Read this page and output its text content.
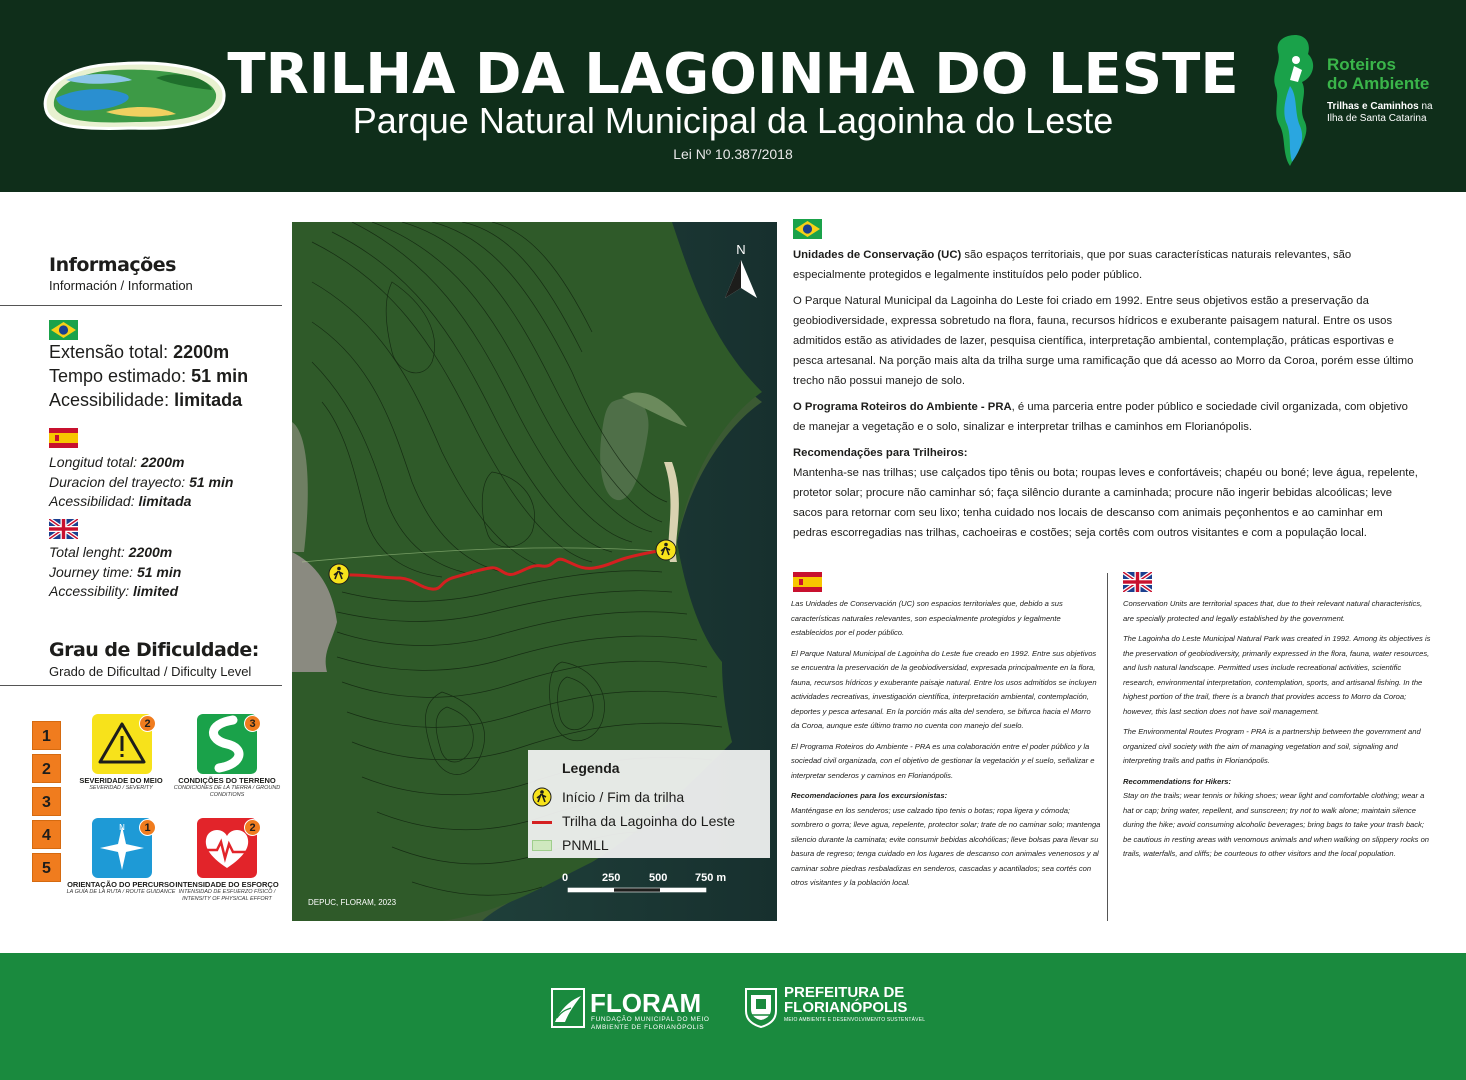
TRILHA DA LAGOINHA DO LESTE
Parque Natural Municipal da Lagoinha do Leste
Lei Nº 10.387/2018
Roteiros
do Ambiente
Trilhas e Caminhos na
Ilha de Santa Catarina
Informações
Información / Information
Extensão total: 2200m
Tempo estimado: 51 min
Acessibilidade: limitada
Longitud total: 2200m
Duracion del trayecto: 51 min
Acessibilidad: limitada
Total lenght: 2200m
Journey time: 51 min
Accessibility: limited
Grau de Dificuldade:
Grado de Dificultad / Dificulty Level
1
2
3
4
5
2
SEVERIDADE DO MEIO
SEVERIDAD / SEVERITY
3
CONDIÇÕES DO TERRENO
CONDICIONES DE LA TIERRA / GROUND CONDITIONS
N	1
ORIENTAÇÃO DO PERCURSO
LA GUÍA DE LA RUTA / ROUTE GUIDANCE
2
INTENSIDADE DO ESFORÇO
INTENSIDAD DE ESFUERZO FÍSICO / INTENSITY OF PHYSICAL EFFORT
N
0	250	500	750 m
Legenda
Início / Fim da trilha
Trilha da Lagoinha do Leste
PNMLL
DEPUC, FLORAM, 2023

Unidades de Conservação (UC) são espaços territoriais, que por suas características naturais relevantes, são especialmente protegidos e legalmente instituídos pelo poder público.

O Parque Natural Municipal da Lagoinha do Leste foi criado em 1992. Entre seus objetivos estão a preservação da geobiodiversidade, expressa sobretudo na flora, fauna, recursos hídricos e exuberante paisagem natural. Entre os usos admitidos estão as atividades de lazer, pesquisa científica, interpretação ambiental, contemplação, práticas esportivas e pesca artesanal. Na porção mais alta da trilha surge uma ramificação que dá acesso ao Morro da Coroa, porém esse último trecho não possui manejo de solo.

O Programa Roteiros do Ambiente - PRA, é uma parceria entre poder público e sociedade civil organizada, com objetivo de manejar a vegetação e o solo, sinalizar e interpretar trilhas e caminhos em Florianópolis.

Recomendações para Trilheiros:

Mantenha-se nas trilhas; use calçados tipo tênis ou bota; roupas leves e confortáveis; chapéu ou boné; leve água, repelente, protetor solar; procure não caminhar só; faça silêncio durante a caminhada; procure não ingerir bebidas alcoólicas; leve sacos para retornar com seu lixo; tenha cuidado nos locais de descanso com animais peçonhentos e ao caminhar em pedras escorregadias nas trilhas, cachoeiras e costões; seja cortês com outros visitantes e com a população local.

Las Unidades de Conservación (UC) son espacios territoriales que, debido a sus características naturales relevantes, son especialmente protegidos y legalmente establecidos por el poder público.

El Parque Natural Municipal de Lagoinha do Leste fue creado en 1992. Entre sus objetivos se encuentra la preservación de la geobiodiversidad, expresada principalmente en la flora, fauna, recursos hídricos y exuberante paisaje natural. Entre los usos admitidos se incluyen actividades recreativas, investigación científica, interpretación ambiental, contemplación, deportes y pesca artesanal. En la porción más alta del sendero, se bifurca hacia el Morro da Coroa, aunque este último tramo no cuenta con manejo del suelo.

El Programa Roteiros do Ambiente - PRA es una colaboración entre el poder público y la sociedad civil organizada, con el objetivo de gestionar la vegetación y el suelo, señalizar e interpretar senderos y caminos en Florianópolis.

Recomendaciones para los excursionistas:

Manténgase en los senderos; use calzado tipo tenis o botas; ropa ligera y cómoda; sombrero o gorra; lleve agua, repelente, protector solar; trate de no caminar solo; mantenga silencio durante la caminata; evite consumir bebidas alcohólicas; lleve bolsas para llevar su basura de regreso; tenga cuidado en los lugares de descanso con animales venenosos y al caminar sobre piedras resbaladizas en senderos, cascadas y acantilados; sea cortés con otros visitantes y la población local.

Conservation Units are territorial spaces that, due to their relevant natural characteristics, are specially protected and legally established by the government.

The Lagoinha do Leste Municipal Natural Park was created in 1992. Among its objectives is the preservation of geobiodiversity, primarily expressed in the flora, fauna, water resources, and lush natural landscape. Permitted uses include recreational activities, scientific research, environmental interpretation, contemplation, sports, and artisanal fishing. In the highest portion of the trail, there is a branch that provides access to Morro da Coroa; however, this last section does not have soil management.

The Environmental Routes Program - PRA is a partnership between the government and organized civil society with the aim of managing vegetation and soil, signaling and interpreting trails and paths in Florianópolis.

Recommendations for Hikers:

Stay on the trails; wear tennis or hiking shoes; wear light and comfortable clothing; wear a hat or cap; bring water, repellent, and sunscreen; try not to walk alone; maintain silence during the hike; avoid consuming alcoholic beverages; bring bags to take your trash back; be cautious in resting areas with venomous animals and when walking on slippery rocks on trails, waterfalls, and cliffs; be courteous to other visitors and the local population.

FLORAM
FUNDAÇÃO MUNICIPAL DO MEIO
AMBIENTE DE FLORIANÓPOLIS
PREFEITURA DE
FLORIANÓPOLIS
MEIO AMBIENTE E DESENVOLVIMENTO SUSTENTÁVEL
